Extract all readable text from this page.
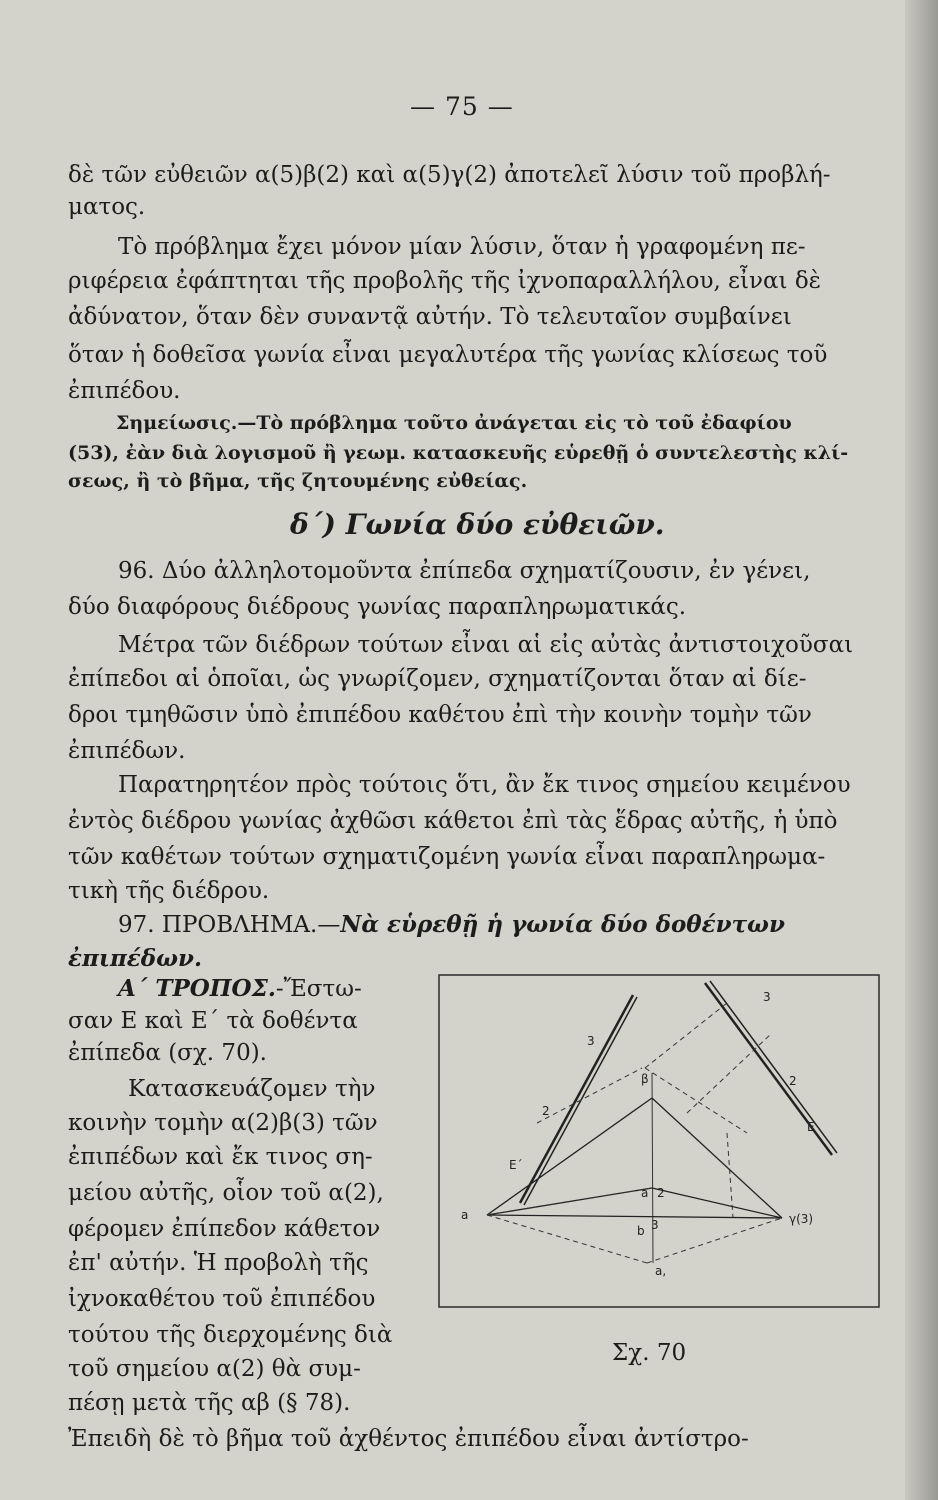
— 75 —
δὲ τῶν εὐθειῶν α(5)β(2) καὶ α(5)γ(2) ἀποτελεῖ λύσιν τοῦ προβλή-
ματος.
Τὸ πρόβλημα ἔχει μόνον μίαν λύσιν, ὅταν ἡ γραφομένη πε-
ριφέρεια ἐφάπτηται τῆς προβολῆς τῆς ἰχνοπαραλλήλου, εἶναι δὲ
ἀδύνατον, ὅταν δὲν συναντᾷ αὐτήν. Τὸ τελευταῖον συμβαίνει
ὅταν ἡ δοθεῖσα γωνία εἶναι μεγαλυτέρα τῆς γωνίας κλίσεως τοῦ
ἐπιπέδου.
Σημείωσις.—Τὸ πρόβλημα τοῦτο ἀνάγεται εἰς τὸ τοῦ ἐδαφίου
(53), ἐὰν διὰ λογισμοῦ ἢ γεωμ. κατασκευῆς εὑρεθῇ ὁ συντελεστὴς κλί-
σεως, ἢ τὸ βῆμα, τῆς ζητουμένης εὐθείας.
δ΄) Γωνία δύο εὐθειῶν.
96. Δύο ἀλληλοτομοῦντα ἐπίπεδα σχηματίζουσιν, ἐν γένει,
δύο διαφόρους διέδρους γωνίας παραπληρωματικάς.
Μέτρα τῶν διέδρων τούτων εἶναι αἱ εἰς αὐτὰς ἀντιστοιχοῦσαι
ἐπίπεδοι αἱ ὁποῖαι, ὡς γνωρίζομεν, σχηματίζονται ὅταν αἱ δίε-
δροι τμηθῶσιν ὑπὸ ἐπιπέδου καθέτου ἐπὶ τὴν κοινὴν τομὴν τῶν
ἐπιπέδων.
Παρατηρητέον πρὸς τούτοις ὅτι, ἂν ἔκ τινος σημείου κειμένου
ἐντὸς διέδρου γωνίας ἀχθῶσι κάθετοι ἐπὶ τὰς ἕδρας αὐτῆς, ἡ ὑπὸ
τῶν καθέτων τούτων σχηματιζομένη γωνία εἶναι παραπληρωμα-
τικὴ τῆς διέδρου.
97. ΠΡΟΒΛΗΜΑ.—Νὰ εὑρεθῇ ἡ γωνία δύο δοθέντων
ἐπιπέδων.
Α΄ ΤΡΟΠΟΣ.-Ἔστω-
σαν Ε καὶ Ε΄ τὰ δοθέντα
ἐπίπεδα (σχ. 70).
Κατασκευάζομεν τὴν
κοινὴν τομὴν α(2)β(3) τῶν
ἐπιπέδων καὶ ἔκ τινος ση-
μείου αὐτῆς, οἷον τοῦ α(2),
φέρομεν ἐπίπεδον κάθετον
ἐπ' αὐτήν. Ἡ προβολὴ τῆς
ἰχνοκαθέτου τοῦ ἐπιπέδου
τούτου τῆς διερχομένης διὰ
τοῦ σημείου α(2) θὰ συμ-
πέσῃ μετὰ τῆς αβ (§ 78).
3
3
2
2
E
E΄
a 2
β
3	γ(3)
a
b
a,
Σχ. 70
Ἐπειδὴ δὲ τὸ βῆμα τοῦ ἀχθέντος ἐπιπέδου εἶναι ἀντίστρο-
